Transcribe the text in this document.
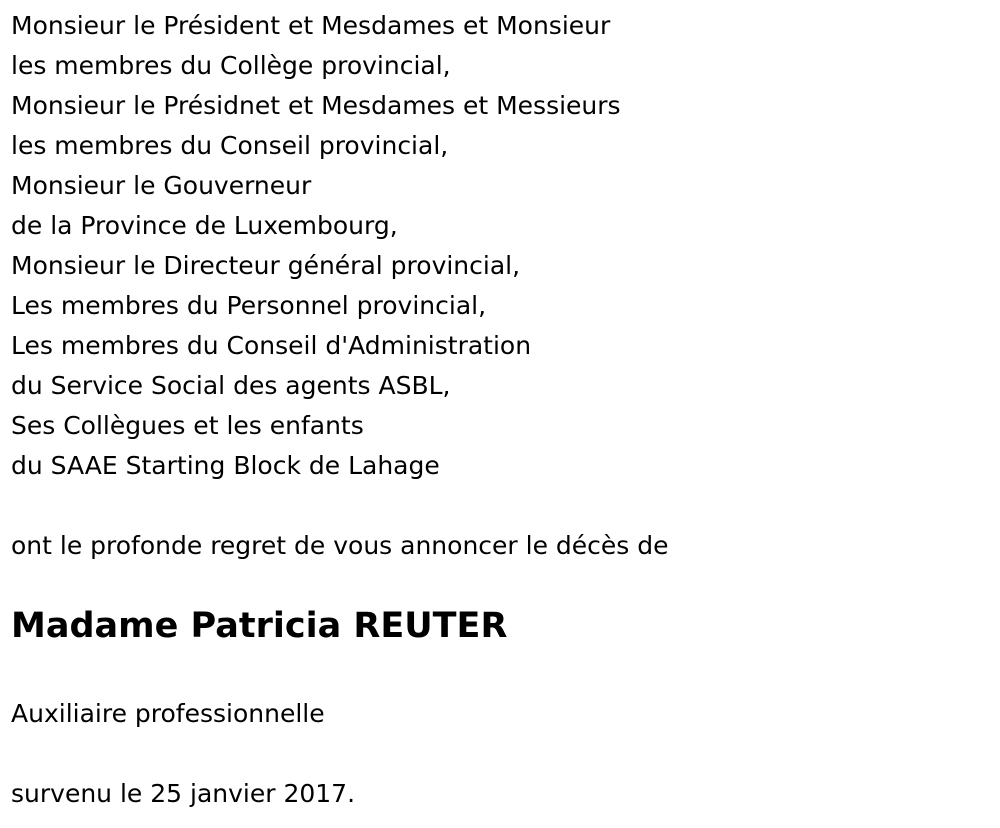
Monsieur le Président et Mesdames et Monsieur
les membres du Collège provincial,
Monsieur le Présidnet et Mesdames et Messieurs
les membres du Conseil provincial,
Monsieur le Gouverneur
de la Province de Luxembourg,
Monsieur le Directeur général provincial,
Les membres du Personnel provincial,
Les membres du Conseil d'Administration
du Service Social des agents ASBL,
Ses Collègues et les enfants
du SAAE Starting Block de Lahage
ont le profonde regret de vous annoncer le décès de
Madame Patricia REUTER
Auxiliaire professionnelle
survenu le 25 janvier 2017.
